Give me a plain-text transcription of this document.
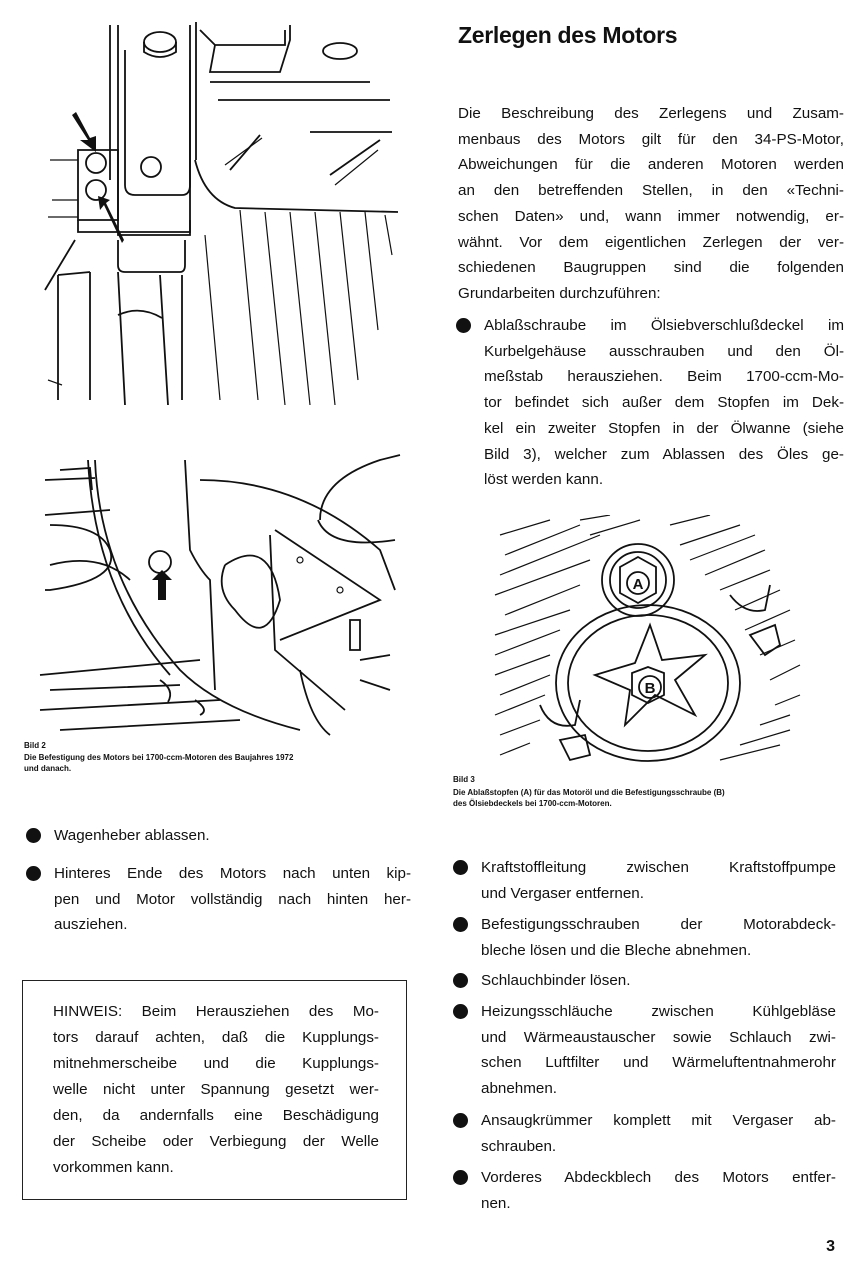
Zerlegen des Motors
Die Beschreibung des Zerlegens und Zusam-
menbaus des Motors gilt für den 34-PS-Motor,
Abweichungen für die anderen Motoren werden
an den betreffenden Stellen, in den «Techni-
schen Daten» und, wann immer notwendig, er-
wähnt. Vor dem eigentlichen Zerlegen der ver-
schiedenen Baugruppen sind die folgenden
Grundarbeiten durchzuführen:
Ablaßschraube im Ölsiebverschlußdeckel im
Kurbelgehäuse ausschrauben und den Öl-
meßstab herausziehen. Beim 1700-ccm-Mo-
tor befindet sich außer dem Stopfen im Dek-
kel ein zweiter Stopfen in der Ölwanne (siehe
Bild 3), welcher zum Ablassen des Öles ge-
löst werden kann.
Bild 2
Die Befestigung des Motors bei 1700-ccm-Motoren des Baujahres 1972
und danach.
A
B
Bild 3
Die Ablaßstopfen (A) für das Motoröl und die Befestigungsschraube (B)
des Ölsiebdeckels bei 1700-ccm-Motoren.
Wagenheber ablassen.
Hinteres Ende des Motors nach unten kip-
pen und Motor vollständig nach hinten her-
ausziehen.
HINWEIS: Beim Herausziehen des Mo-
tors darauf achten, daß die Kupplungs-
mitnehmerscheibe und die Kupplungs-
welle nicht unter Spannung gesetzt wer-
den, da andernfalls eine Beschädigung
der Scheibe oder Verbiegung der Welle
vorkommen kann.
Kraftstoffleitung zwischen Kraftstoffpumpe
und Vergaser entfernen.
Befestigungsschrauben der Motorabdeck-
bleche lösen und die Bleche abnehmen.
Schlauchbinder lösen.
Heizungsschläuche zwischen Kühlgebläse
und Wärmeaustauscher sowie Schlauch zwi-
schen Luftfilter und Wärmeluftentnahmerohr
abnehmen.
Ansaugkrümmer komplett mit Vergaser ab-
schrauben.
Vorderes Abdeckblech des Motors entfer-
nen.
3
